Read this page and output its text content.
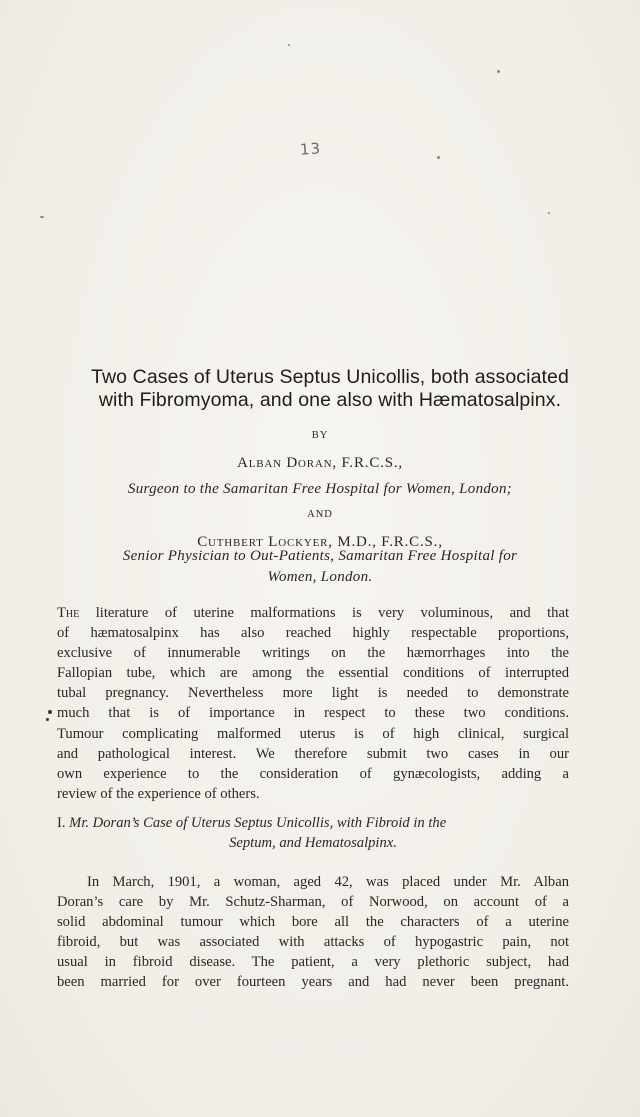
13
Two Cases of Uterus Septus Unicollis, both associated
with Fibromyoma, and one also with Hæmatosalpinx.
BY
Alban Doran, F.R.C.S.,
Surgeon to the Samaritan Free Hospital for Women, London;
AND
Cuthbert Lockyer, M.D., F.R.C.S.,
Senior Physician to Out-Patients, Samaritan Free Hospital for
Women, London.
The literature of uterine malformations is very voluminous, and that
of hæmatosalpinx has also reached highly respectable proportions,
exclusive of innumerable writings on the hæmorrhages into the
Fallopian tube, which are among the essential conditions of interrupted
tubal pregnancy. Nevertheless more light is needed to demonstrate
much that is of importance in respect to these two conditions.
Tumour complicating malformed uterus is of high clinical, surgical
and pathological interest. We therefore submit two cases in our
own experience to the consideration of gynæcologists, adding a
review of the experience of others.
I. Mr. Doran’s Case of Uterus Septus Unicollis, with Fibroid in the
Septum, and Hematosalpinx.
In March, 1901, a woman, aged 42, was placed under Mr. Alban
Doran’s care by Mr. Schutz-Sharman, of Norwood, on account of a
solid abdominal tumour which bore all the characters of a uterine
fibroid, but was associated with attacks of hypogastric pain, not
usual in fibroid disease. The patient, a very plethoric subject, had
been married for over fourteen years and had never been pregnant.
